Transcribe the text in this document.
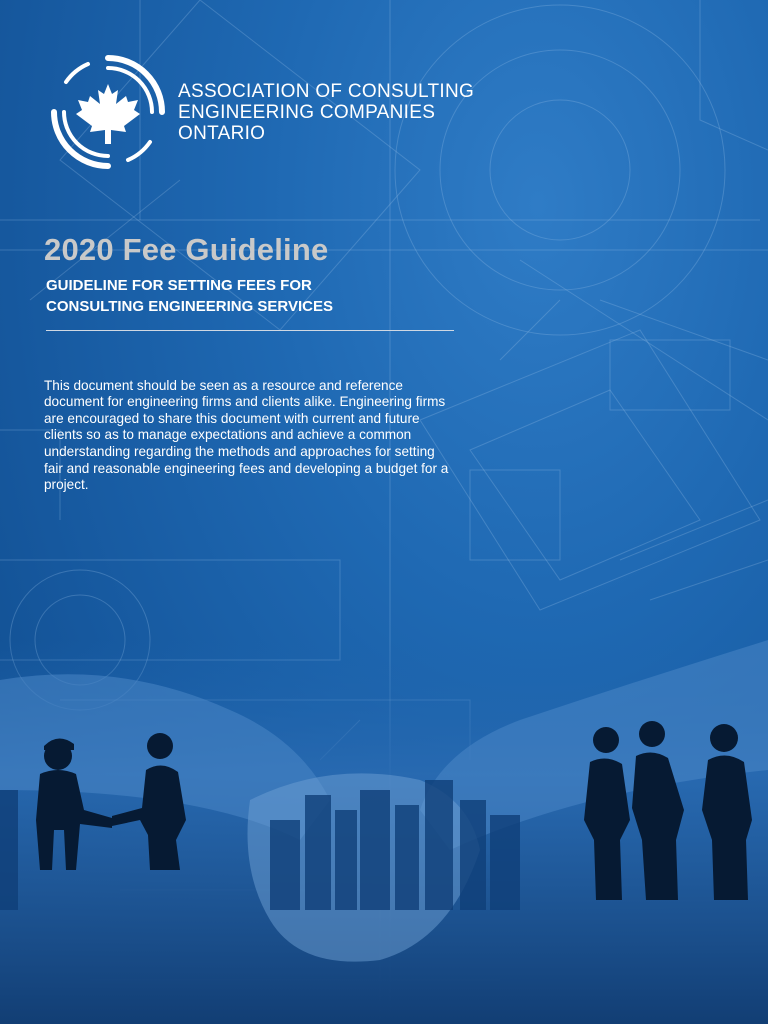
ASSOCIATION OF CONSULTING
ENGINEERING COMPANIES
ONTARIO
2020 Fee Guideline
GUIDELINE FOR SETTING FEES FOR
CONSULTING ENGINEERING SERVICES

This document should be seen as a resource and reference document for engineering firms and clients alike. Engineering firms are encouraged to share this document with current and future clients so as to manage expectations and achieve a common understanding regarding the methods and approaches for setting fair and reasonable engineering fees and developing a budget for a project.
